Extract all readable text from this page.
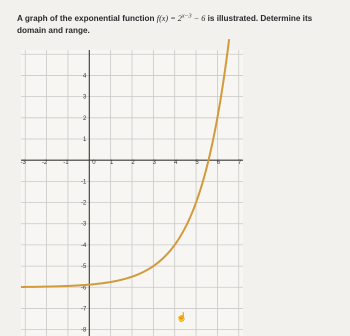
A graph of the exponential function $f(x) = 2^{x-3} - 6$ is illustrated. Determine its domain and range.
-3	-2	-1	0 1	2	3	4	5	6	7
4
3
2
1
-1
-2
-3
-4
-5
-6
-7
-8
☝
